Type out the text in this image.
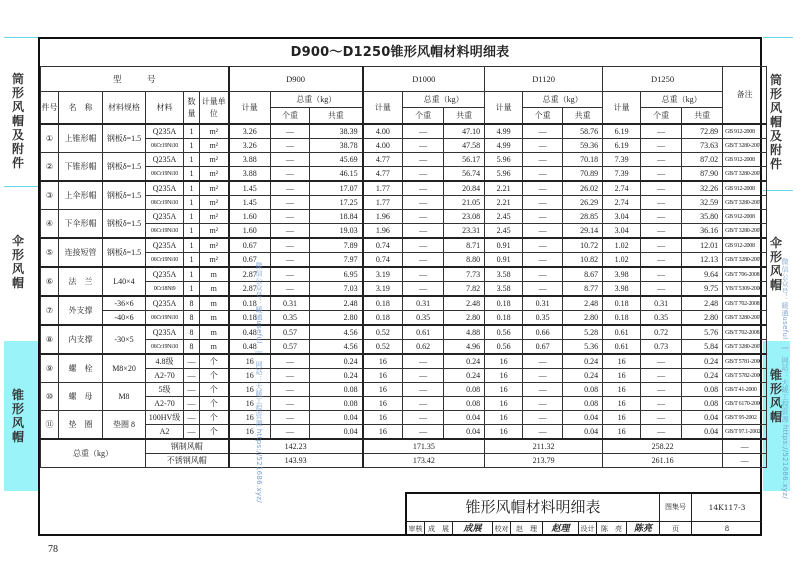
筒形风帽及附件
伞形风帽
锥形风帽
筒形风帽及附件
伞形风帽
锥形风帽
D900～D1250锥形风帽材料明细表
型　　　号						D900			D1000			D1120			D1250			备注
件号	名　称	材料规格	材料	数量	计量单位	计量	总重（kg）		计量	总重（kg）		计量	总重（kg）		计量	总重（kg）		
							个重	共重		个重	共重		个重	共重		个重	共重	
①	上锥形帽	钢板δ=1.5	Q235A	1	m²	3.26	—	38.39	4.00	—	47.10	4.99	—	58.76	6.19	—	72.89	GB 912-2008
			06Cr19Ni10	1	m²	3.26	—	38.78	4.00	—	47.58	4.99	—	59.36	6.19	—	73.63	GB/T 3280-2007
②	下锥形帽	钢板δ=1.5	Q235A	1	m²	3.88	—	45.69	4.77	—	56.17	5.96	—	70.18	7.39	—	87.02	GB 912-2008
			06Cr19Ni10	1	m²	3.88	—	46.15	4.77	—	56.74	5.96	—	70.89	7.39	—	87.90	GB/T 3280-2007
③	上伞形帽	钢板δ=1.5	Q235A	1	m²	1.45	—	17.07	1.77	—	20.84	2.21	—	26.02	2.74	—	32.26	GB 912-2008
			06Cr19Ni10	1	m²	1.45	—	17.25	1.77	—	21.05	2.21	—	26.29	2.74	—	32.59	GB/T 3280-2007
④	下伞形帽	钢板δ=1.5	Q235A	1	m²	1.60	—	18.84	1.96	—	23.08	2.45	—	28.85	3.04	—	35.80	GB 912-2008
			06Cr19Ni10	1	m²	1.60	—	19.03	1.96	—	23.31	2.45	—	29.14	3.04	—	36.16	GB/T 3280-2007
⑤	连接短管	钢板δ=1.5	Q235A	1	m²	0.67	—	7.89	0.74	—	8.71	0.91	—	10.72	1.02	—	12.01	GB 912-2008
			06Cr19Ni10	1	m²	0.67	—	7.97	0.74	—	8.80	0.91	—	10.82	1.02	—	12.13	GB/T 3280-2007
⑥	法　兰	L40×4	Q235A	1	m	2.87	—	6.95	3.19	—	7.73	3.58	—	8.67	3.98	—	9.64	GB/T 706-2008
			0Cr18Ni9	1	m	2.87	—	7.03	3.19	—	7.82	3.58	—	8.77	3.98	—	9.75	YB/T 5309-2006
⑦	外支撑	-36×6	Q235A	8	m	0.18	0.31	2.48	0.18	0.31	2.48	0.18	0.31	2.48	0.18	0.31	2.48	GB/T 702-2008
		-40×6	06Cr19Ni10	8	m	0.18	0.35	2.80	0.18	0.35	2.80	0.18	0.35	2.80	0.18	0.35	2.80	GB/T 3280-2007
⑧	内支撑	-30×5	Q235A	8	m	0.48	0.57	4.56	0.52	0.61	4.88	0.56	0.66	5.28	0.61	0.72	5.76	GB/T 702-2008
			06Cr19Ni10	8	m	0.48	0.57	4.56	0.52	0.62	4.96	0.56	0.67	5.36	0.61	0.73	5.84	GB/T 3280-2007
⑨	螺　栓	M8×20	4.8级	—	个	16	—	0.24	16	—	0.24	16	—	0.24	16	—	0.24	GB/T 5781-2000
			A2-70	—	个	16	—	0.24	16	—	0.24	16	—	0.24	16	—	0.24	GB/T 5782-2000
⑩	螺　母	M8	5级	—	个	16	—	0.08	16	—	0.08	16	—	0.08	16	—	0.08	GB/T 41-2000
			A2-70	—	个	16	—	0.08	16	—	0.08	16	—	0.08	16	—	0.08	GB/T 6170-2000
⑪	垫　圈	垫圈 8	100HV级	—	个	16	—	0.04	16	—	0.04	16	—	0.04	16	—	0.04	GB/T 95-2002
			A2	—	个	16	—	0.04	16	—	0.04	16	—	0.04	16	—	0.04	GB/T 97.1-2002
总重（kg）			钢制风帽			142.23			171.35			211.32			258.22			—
			不锈钢风帽			143.93			173.42			213.79			261.16			—
锥形风帽材料明细表	图集号	14K117-3
审核 成　展	成展	校对	赵　理	赵理	设计 陈　亮	陈亮	页	8
微信公众号：暖通useful　|　网站：大暖工程资源 https://521686.xyz/	微信公众号：暖通useful　|　网站：大暖工程资源 https://521686.xyz/
78
